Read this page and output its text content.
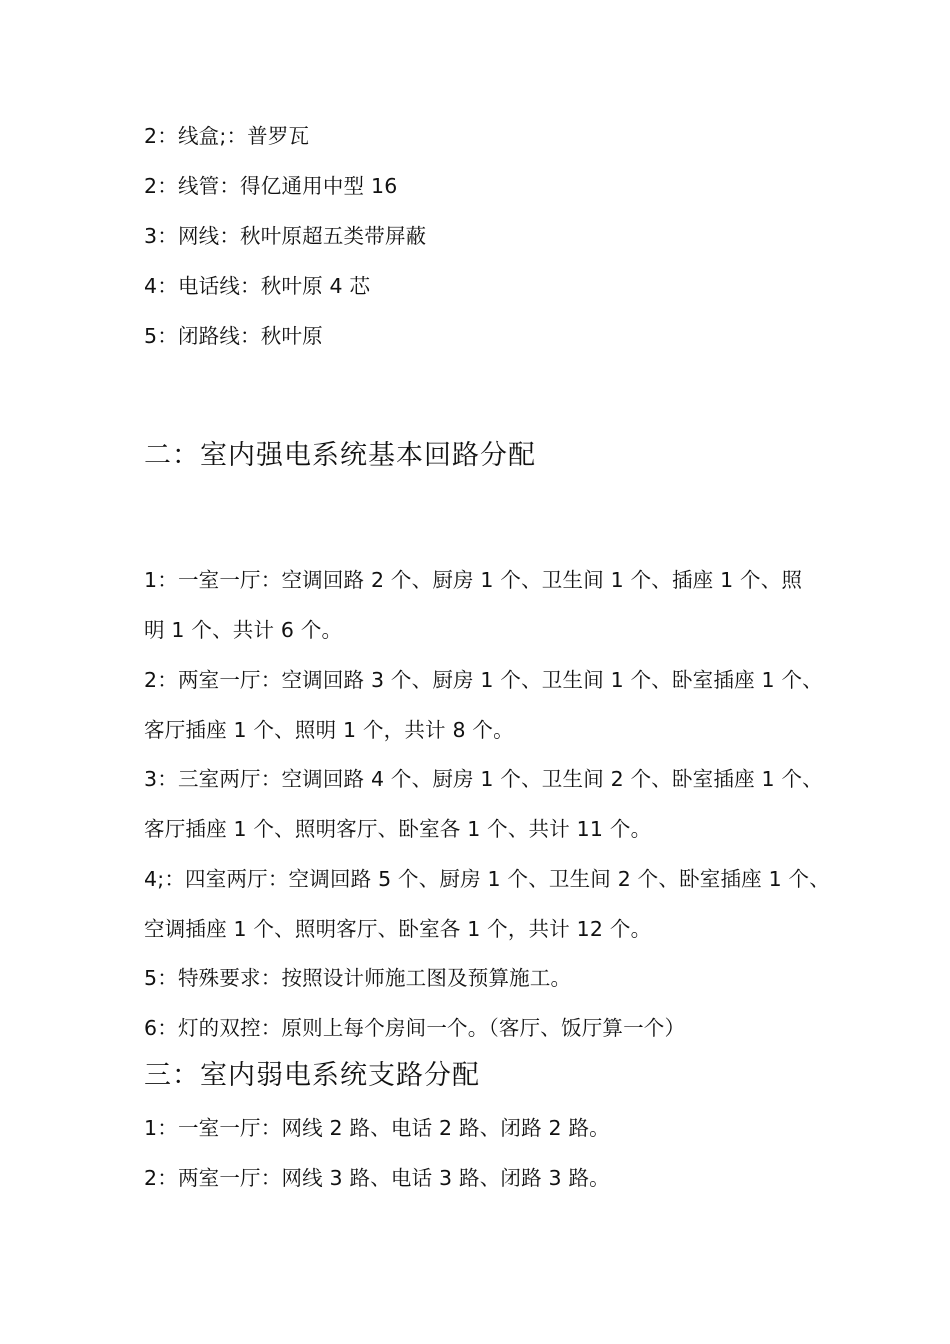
2：线盒;：普罗瓦
2：线管：得亿通用中型 16
3：网线：秋叶原超五类带屏蔽
4：电话线：秋叶原 4 芯
5：闭路线：秋叶原
二：室内强电系统基本回路分配
1：一室一厅：空调回路 2 个、厨房 1 个、卫生间 1 个、插座 1 个、照
明 1 个、共计 6 个。
2：两室一厅：空调回路 3 个、厨房 1 个、卫生间 1 个、卧室插座 1 个、
客厅插座 1 个、照明 1 个，共计 8 个。
3：三室两厅：空调回路 4 个、厨房 1 个、卫生间 2 个、卧室插座 1 个、
客厅插座 1 个、照明客厅、卧室各 1 个、共计 11 个。
4;：四室两厅：空调回路 5 个、厨房 1 个、卫生间 2 个、卧室插座 1 个、
空调插座 1 个、照明客厅、卧室各 1 个，共计 12 个。
5：特殊要求：按照设计师施工图及预算施工。
6：灯的双控：原则上每个房间一个。（客厅、饭厅算一个）
三：室内弱电系统支路分配
1：一室一厅：网线 2 路、电话 2 路、闭路 2 路。
2：两室一厅：网线 3 路、电话 3 路、闭路 3 路。
